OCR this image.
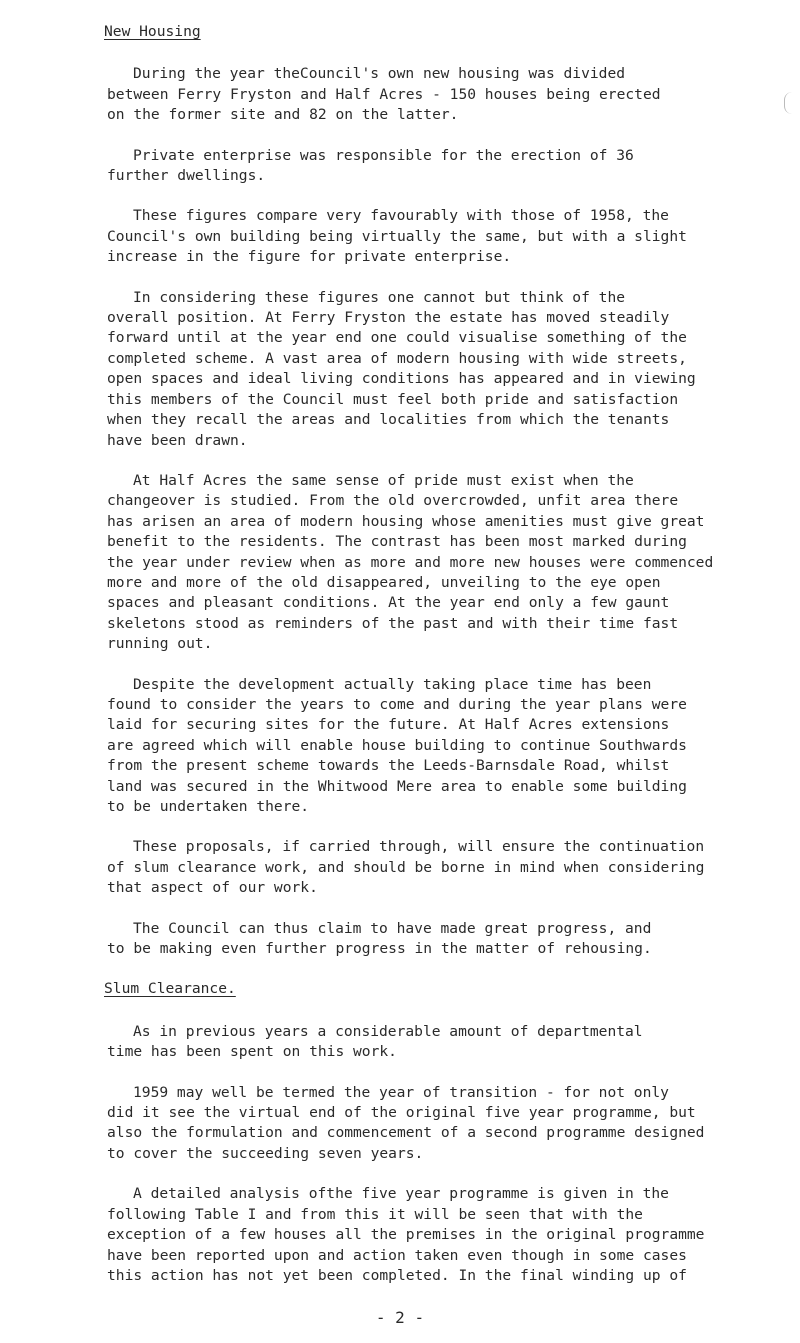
New Housing
During the year theCouncil's own new housing was divided
between Ferry Fryston and Half Acres - 150 houses being erected
on the former site and 82 on the latter.
Private enterprise was responsible for the erection of 36
further dwellings.
These figures compare very favourably with those of 1958, the
Council's own building being virtually the same, but with a slight
increase in the figure for private enterprise.
In considering these figures one cannot but think of the
overall position. At Ferry Fryston the estate has moved steadily
forward until at the year end one could visualise something of the
completed scheme. A vast area of modern housing with wide streets,
open spaces and ideal living conditions has appeared and in viewing
this members of the Council must feel both pride and satisfaction
when they recall the areas and localities from which the tenants
have been drawn.
At Half Acres the same sense of pride must exist when the
changeover is studied. From the old overcrowded, unfit area there
has arisen an area of modern housing whose amenities must give great
benefit to the residents. The contrast has been most marked during
the year under review when as more and more new houses were commenced
more and more of the old disappeared, unveiling to the eye open
spaces and pleasant conditions. At the year end only a few gaunt
skeletons stood as reminders of the past and with their time fast
running out.
Despite the development actually taking place time has been
found to consider the years to come and during the year plans were
laid for securing sites for the future. At Half Acres extensions
are agreed which will enable house building to continue Southwards
from the present scheme towards the Leeds-Barnsdale Road, whilst
land was secured in the Whitwood Mere area to enable some building
to be undertaken there.
These proposals, if carried through, will ensure the continuation
of slum clearance work, and should be borne in mind when considering
that aspect of our work.
The Council can thus claim to have made great progress, and
to be making even further progress in the matter of rehousing.
Slum Clearance.
As in previous years a considerable amount of departmental
time has been spent on this work.
1959 may well be termed the year of transition - for not only
did it see the virtual end of the original five year programme, but
also the formulation and commencement of a second programme designed
to cover the succeeding seven years.
A detailed analysis ofthe five year programme is given in the
following Table I and from this it will be seen that with the
exception of a few houses all the premises in the original programme
have been reported upon and action taken even though in some cases
this action has not yet been completed. In the final winding up of
- 2 -
